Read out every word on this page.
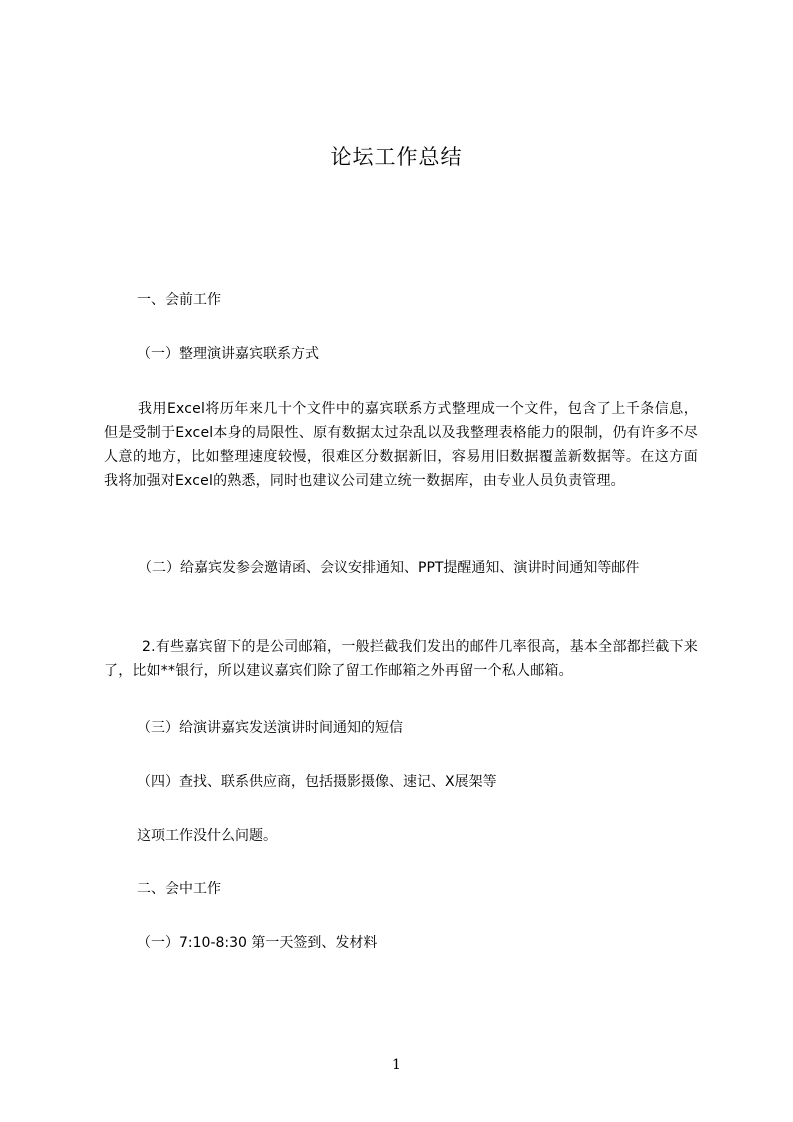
论坛工作总结
一、会前工作
（一）整理演讲嘉宾联系方式
我用Excel将历年来几十个文件中的嘉宾联系方式整理成一个文件，包含了上千条信息，但是受制于Excel本身的局限性、原有数据太过杂乱以及我整理表格能力的限制，仍有许多不尽人意的地方，比如整理速度较慢，很难区分数据新旧，容易用旧数据覆盖新数据等。在这方面我将加强对Excel的熟悉，同时也建议公司建立统一数据库，由专业人员负责管理。
（二）给嘉宾发参会邀请函、会议安排通知、PPT提醒通知、演讲时间通知等邮件
2.有些嘉宾留下的是公司邮箱，一般拦截我们发出的邮件几率很高，基本全部都拦截下来了，比如**银行，所以建议嘉宾们除了留工作邮箱之外再留一个私人邮箱。
（三）给演讲嘉宾发送演讲时间通知的短信
（四）查找、联系供应商，包括摄影摄像、速记、X展架等
这项工作没什么问题。
二、会中工作
（一）7:10-8:30 第一天签到、发材料
1
